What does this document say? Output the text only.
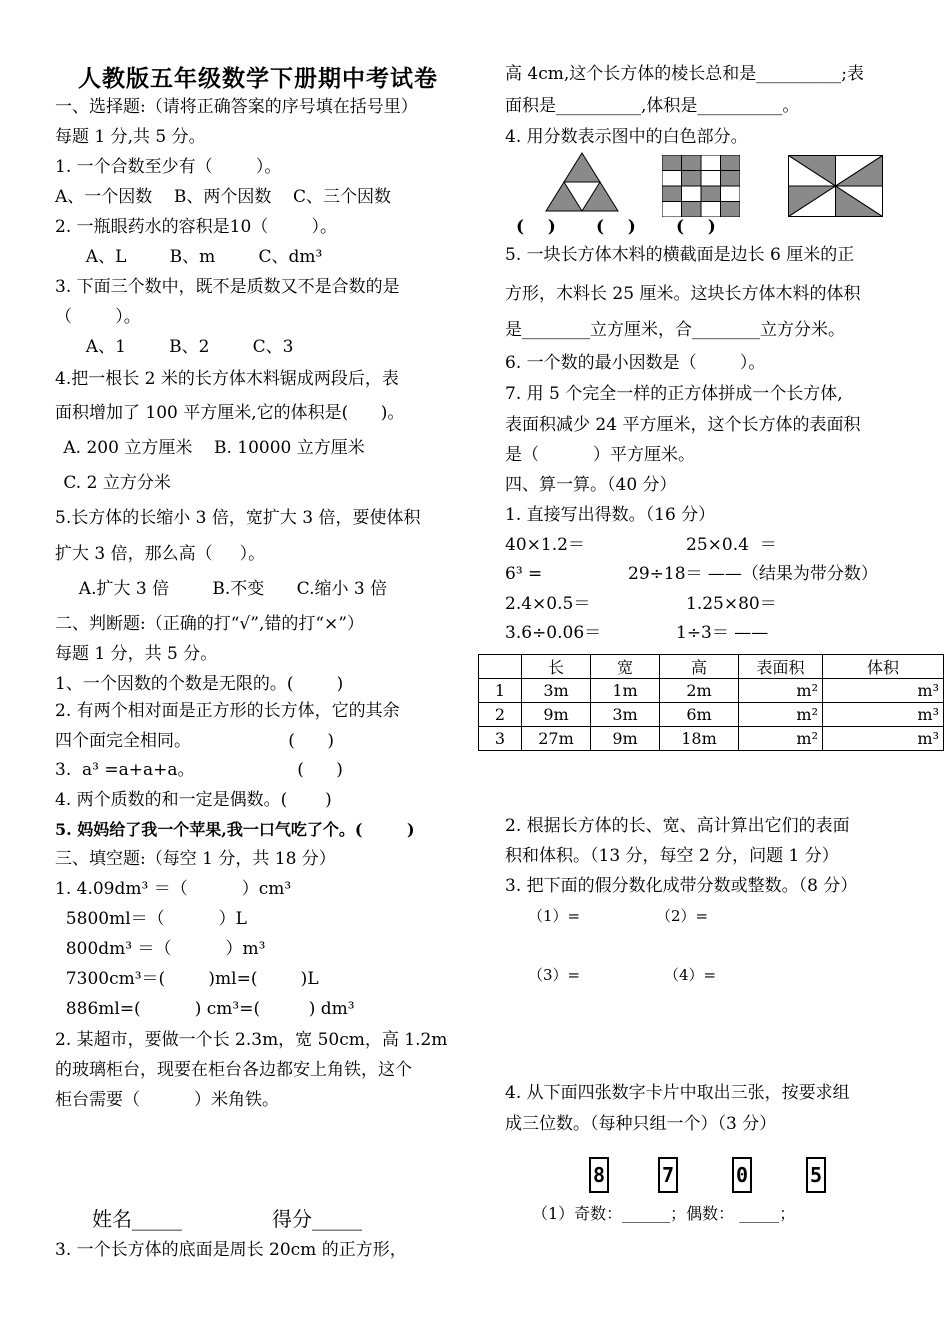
人教版五年级数学下册期中考试卷
一、选择题:（请将正确答案的序号填在括号里）
每题 1 分,共 5 分。
1. 一个合数至少有（        ）。
A、一个因数    B、两个因数    C、三个因数
2. 一瓶眼药水的容积是10（        ）。
A、L        B、m        C、dm³
3. 下面三个数中，既不是质数又不是合数的是
（        ）。
A、1        B、2        C、3
4.把一根长 2 米的长方体木料锯成两段后，表
面积增加了 100 平方厘米,它的体积是(      )。
A. 200 立方厘米    B. 10000 立方厘米
C. 2 立方分米
5.长方体的长缩小 3 倍，宽扩大 3 倍，要使体积
扩大 3 倍，那么高（     ）。
A.扩大 3 倍        B.不变      C.缩小 3 倍
二、判断题:（正确的打“√”,错的打“×”）
每题 1 分，共 5 分。
1、一个因数的个数是无限的。(        )
2. 有两个相对面是正方形的长方体，它的其余
四个面完全相同。                  (      )
3.  a³ =a+a+a。                   (      )
4. 两个质数的和一定是偶数。(       )
5. 妈妈给了我一个苹果,我一口气吃了个。(        )
三、填空题:（每空 1 分，共 18 分）
1. 4.09dm³ ＝（          ）cm³
5800ml＝（          ）L
800dm³ ＝（          ）m³
7300cm³＝(        )ml=(        )L
886ml=(          ) cm³=(         ) dm³
2. 某超市，要做一个长 2.3m，宽 50cm，高 1.2m
的玻璃柜台，现要在柜台各边都安上角铁，这个
柜台需要（          ）米角铁。
姓名_____	得分_____
3. 一个长方体的底面是周长 20cm 的正方形，
高 4cm,这个长方体的棱长总和是__________;表
面积是__________,体积是__________。
4. 用分数表示图中的白色部分。
(    ) (    ) (    )
5. 一块长方体木料的横截面是边长 6 厘米的正
方形，木料长 25 厘米。这块长方体木料的体积
是________立方厘米，合________立方分米。
6. 一个数的最小因数是（        ）。
7. 用 5 个完全一样的正方体拼成一个长方体,
表面积减少 24 平方厘米，这个长方体的表面积
是（          ）平方厘米。
四、算一算。（40 分）
1. 直接写出得数。（16 分）
40×1.2＝	25×0.4  ＝
6³ =	29÷18＝ ——（结果为带分数）
2.4×0.5＝	1.25×80＝
3.6÷0.06＝	1÷3＝ ——
	长	宽	高	表面积	体积
1	3m	1m	2m	m²	m³
2	9m	3m	6m	m²	m³
3	27m	9m	18m	m²	m³
2. 根据长方体的长、宽、高计算出它们的表面
积和体积。（13 分，每空 2 分，问题 1 分）
3. 把下面的假分数化成带分数或整数。（8 分）
（1）=	（2）=
（3）=	（4）=
4. 从下面四张数字卡片中取出三张，按要求组
成三位数。（每种只组一个）（3 分）
8	7	0	5
（1）奇数：______；偶数： _____；
